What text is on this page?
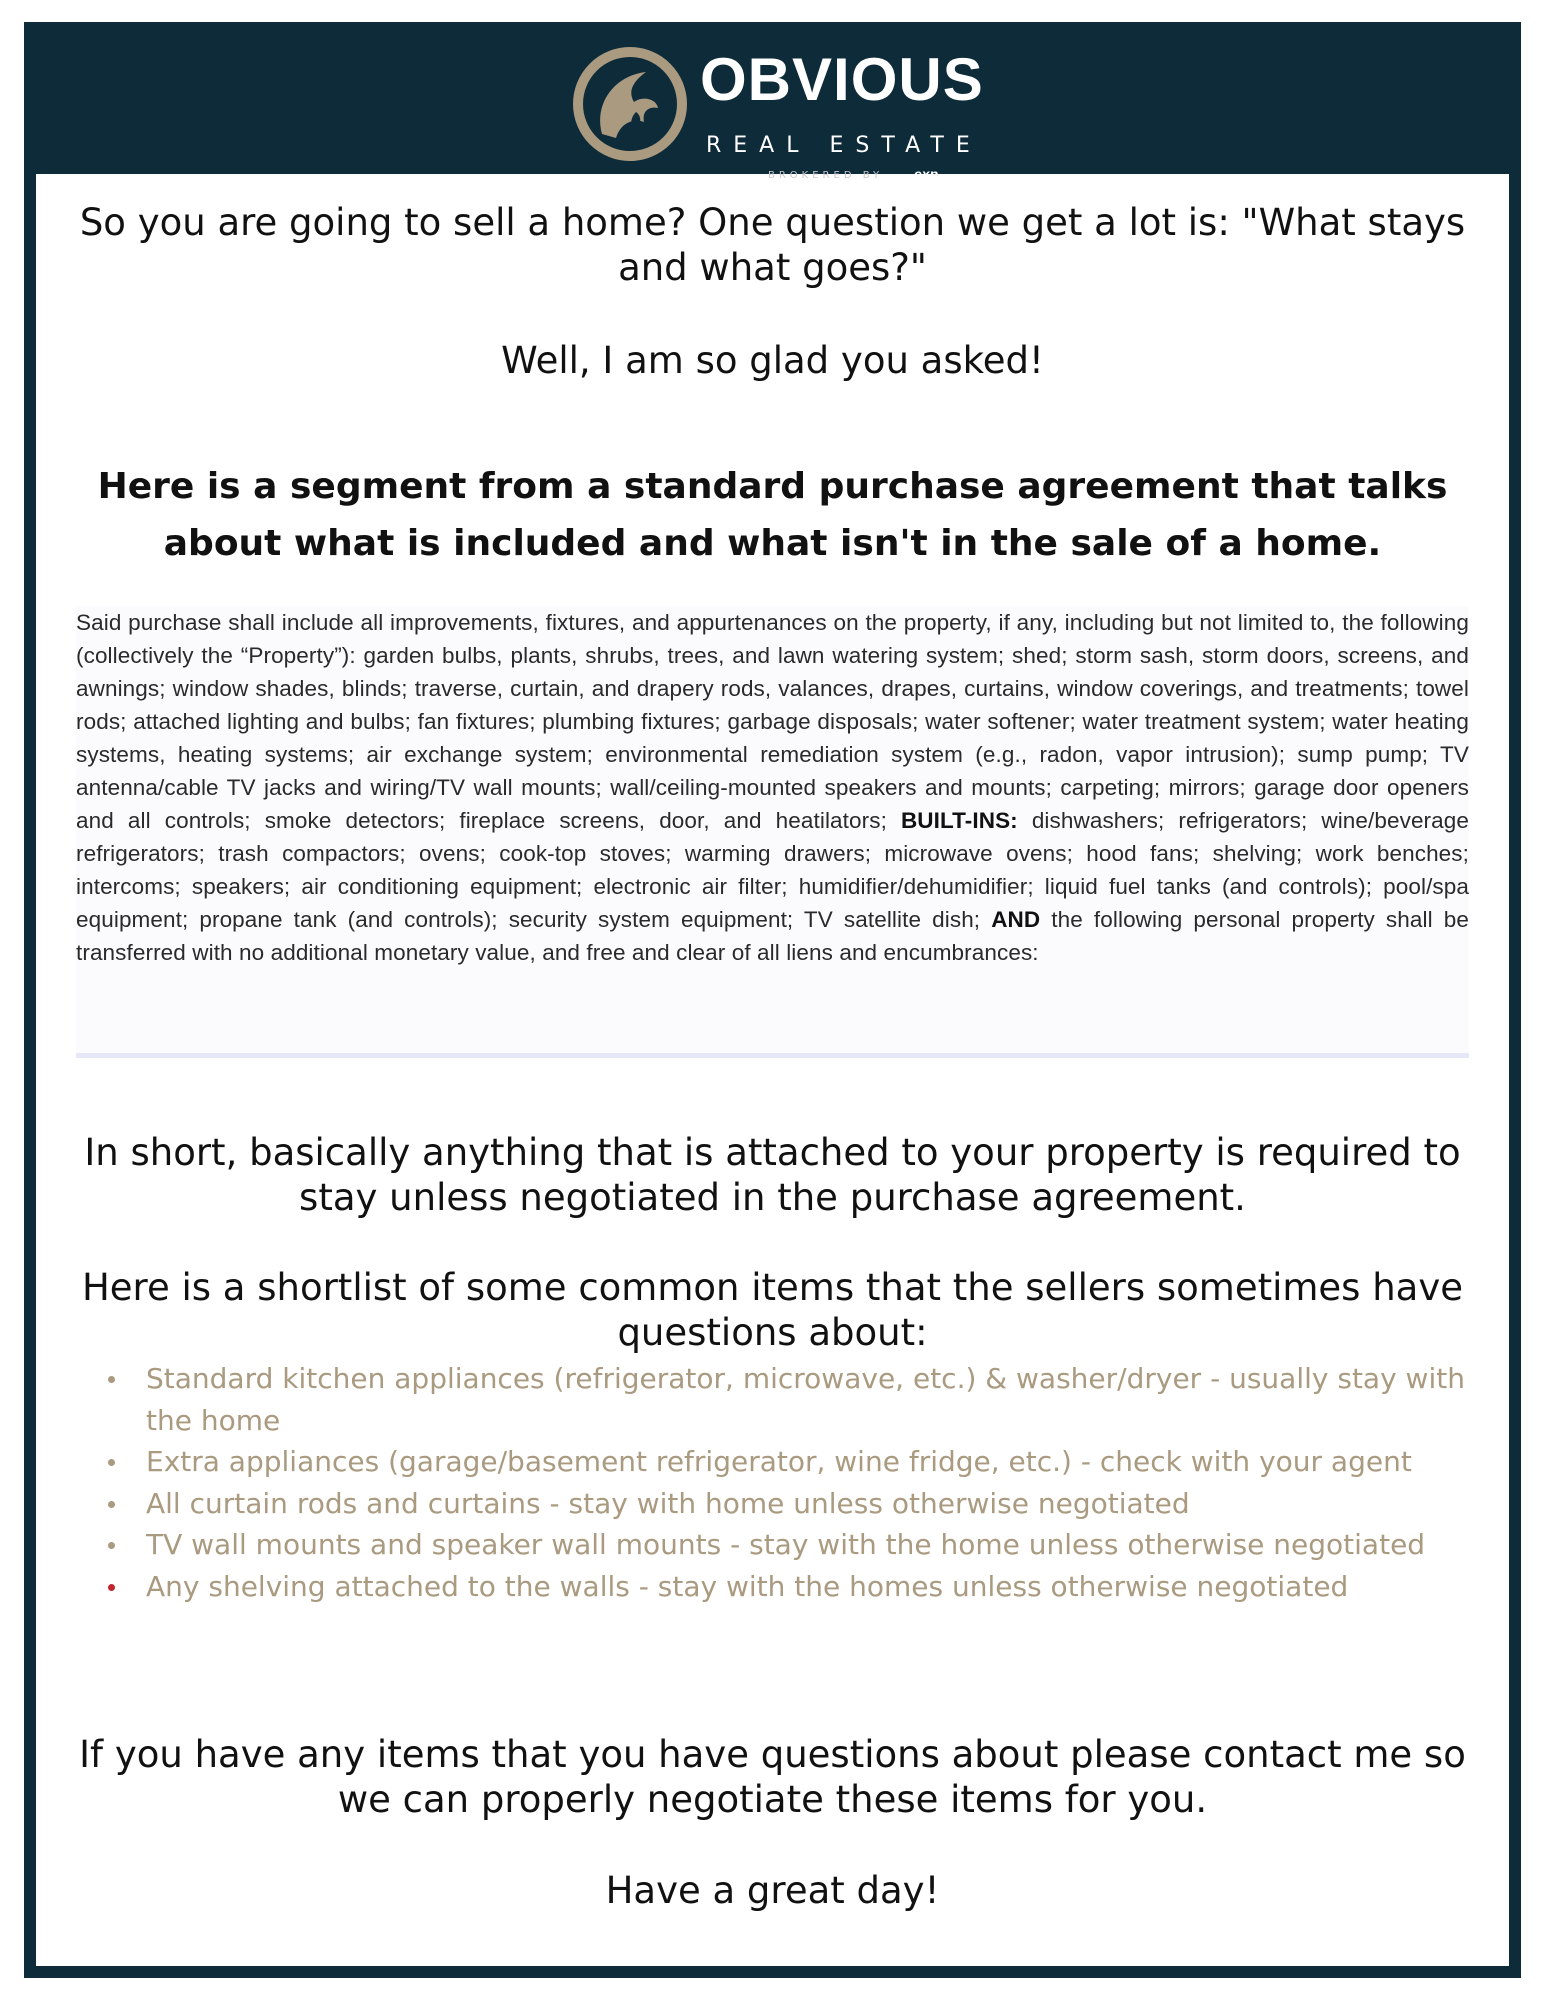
OBVIOUS
REAL ESTATE
BROKERED BY exp

So you are going to sell a home? One question we get a lot is: "What stays and what goes?"

Well, I am so glad you asked!

Here is a segment from a standard purchase agreement that talks about what is included and what isn't in the sale of a home.

Said purchase shall include all improvements, fixtures, and appurtenances on the property, if any, including but not limited to, the following (collectively the “Property”): garden bulbs, plants, shrubs, trees, and lawn watering system; shed; storm sash, storm doors, screens, and awnings; window shades, blinds; traverse, curtain, and drapery rods, valances, drapes, curtains, window coverings, and treatments; towel rods; attached lighting and bulbs; fan fixtures; plumbing fixtures; garbage disposals; water softener; water treatment system; water heating systems, heating systems; air exchange system; environmental remediation system (e.g., radon, vapor intrusion); sump pump; TV antenna/cable TV jacks and wiring/TV wall mounts; wall/ceiling-mounted speakers and mounts; carpeting; mirrors; garage door openers and all controls; smoke detectors; fireplace screens, door, and heatilators; BUILT-INS: dishwashers; refrigerators; wine/beverage refrigerators; trash compactors; ovens; cook-top stoves; warming drawers; microwave ovens; hood fans; shelving; work benches; intercoms; speakers; air conditioning equipment; electronic air filter; humidifier/dehumidifier; liquid fuel tanks (and controls); pool/spa equipment; propane tank (and controls); security system equipment; TV satellite dish; AND the following personal property shall be transferred with no additional monetary value, and free and clear of all liens and encumbrances:

In short, basically anything that is attached to your property is required to stay unless negotiated in the purchase agreement.

Here is a shortlist of some common items that the sellers sometimes have questions about:

Standard kitchen appliances (refrigerator, microwave, etc.) & washer/dryer - usually stay with the home
Extra appliances (garage/basement refrigerator, wine fridge, etc.) - check with your agent
All curtain rods and curtains - stay with home unless otherwise negotiated
TV wall mounts and speaker wall mounts - stay with the home unless otherwise negotiated
Any shelving attached to the walls - stay with the homes unless otherwise negotiated

If you have any items that you have questions about please contact me so we can properly negotiate these items for you.

Have a great day!
